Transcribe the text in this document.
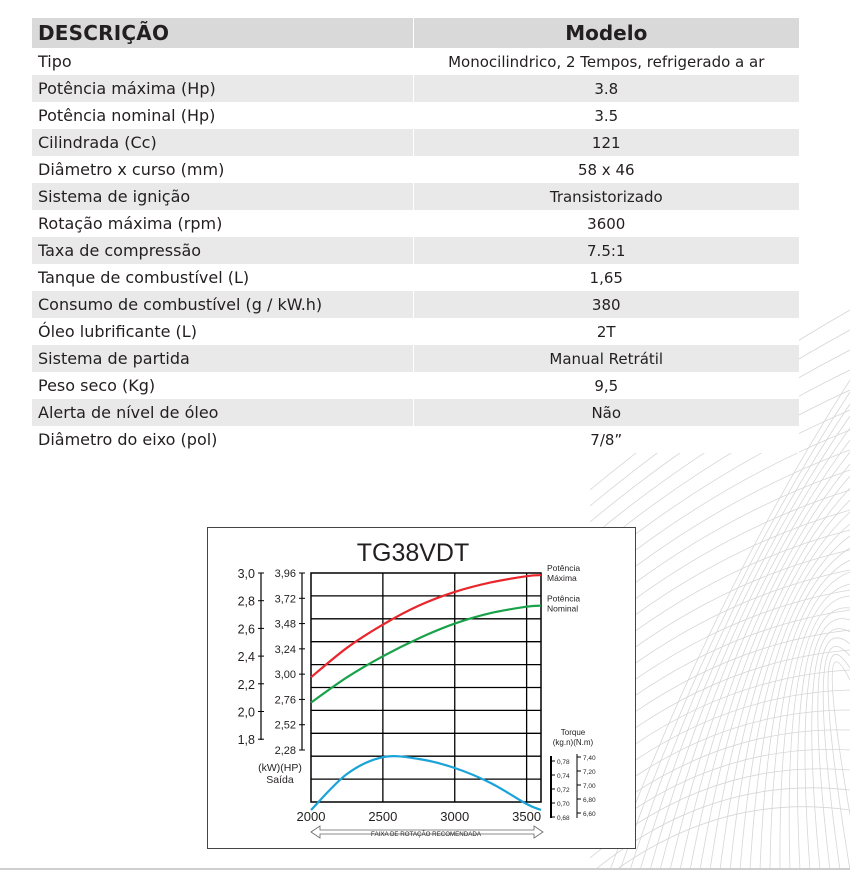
DESCRIÇÃO	Modelo
Tipo	Monocilindrico, 2 Tempos, refrigerado a ar
Potência máxima (Hp)	3.8
Potência nominal (Hp)	3.5
Cilindrada (Cc)	121
Diâmetro x curso (mm)	58 x 46
Sistema de ignição	Transistorizado
Rotação máxima (rpm)	3600
Taxa de compressão	7.5:1
Tanque de combustível (L)	1,65
Consumo de combustível (g / kW.h)	380
Óleo lubrificante (L)	2T
Sistema de partida	Manual Retrátil
Peso seco (Kg)	9,5
Alerta de nível de óleo	Não
Diâmetro do eixo (pol)	7/8”
TG38VDT
3,0
2,8
2,6
2,4
2,2
2,0
1,8
3,96
3,72
3,48
3,24
3,00
2,76
2,52
2,28
(kW)(HP)
Saída
2000	2500	3000	3500
FAIXA DE ROTAÇÃO RECOMENDADA
Torque
(kg.n)(N.m)
0,78
0,74
0,72
0,70
0,68
7,40
7,20
7,00
6,80
6,60
Potência
Máxima
Potência
Nominal
